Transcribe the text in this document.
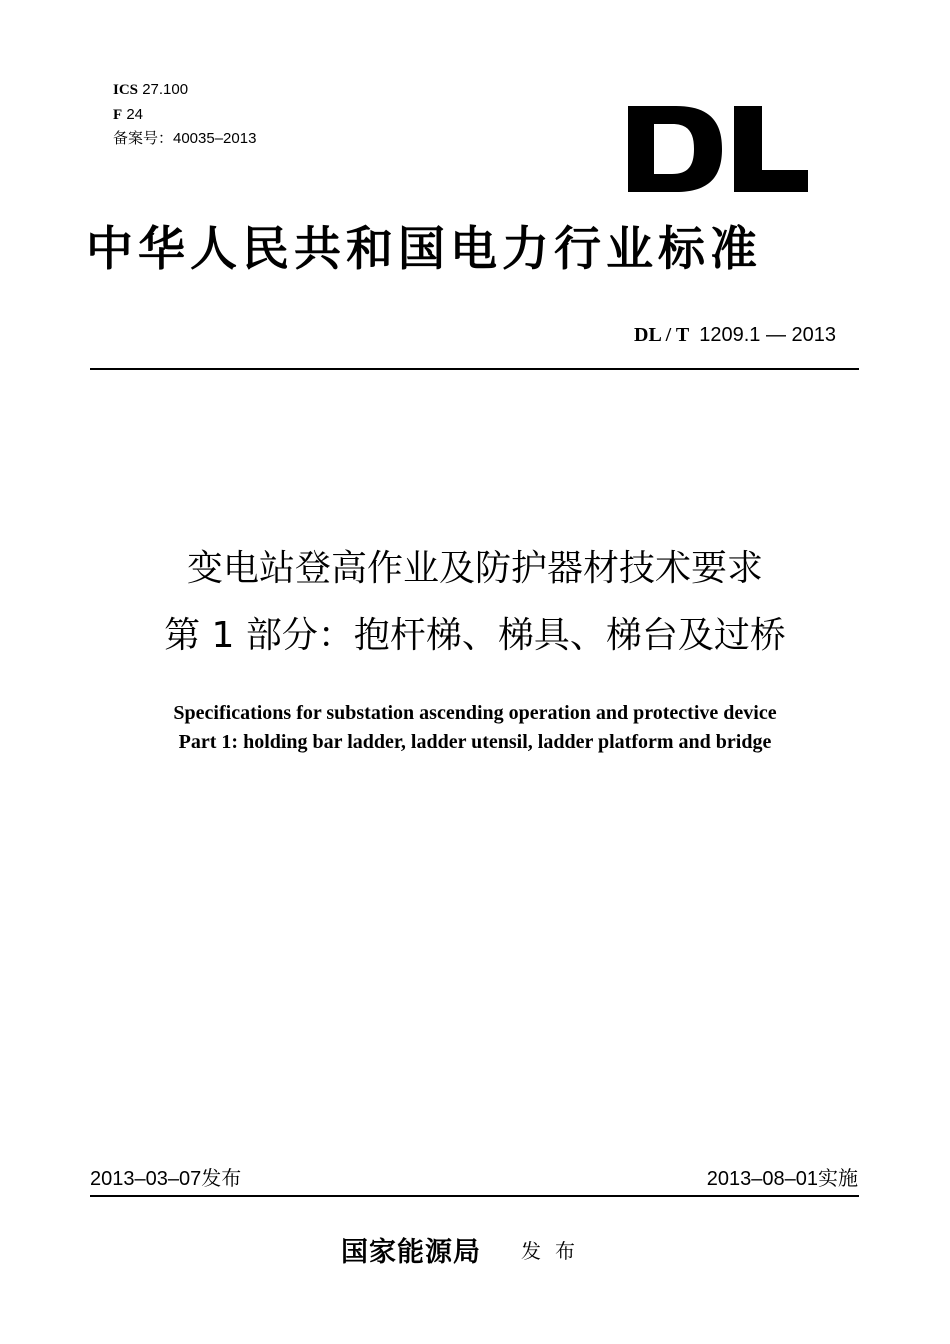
ICS 27.100
F 24
备案号：40035–2013
中华人民共和国电力行业标准
DL / T 1209.1 — 2013
变电站登高作业及防护器材技术要求
第 1 部分：抱杆梯、梯具、梯台及过桥
Specifications for substation ascending operation and protective device
Part 1: holding bar ladder, ladder utensil, ladder platform and bridge
2013–03–07发布	2013–08–01实施
国家能源局 发布
